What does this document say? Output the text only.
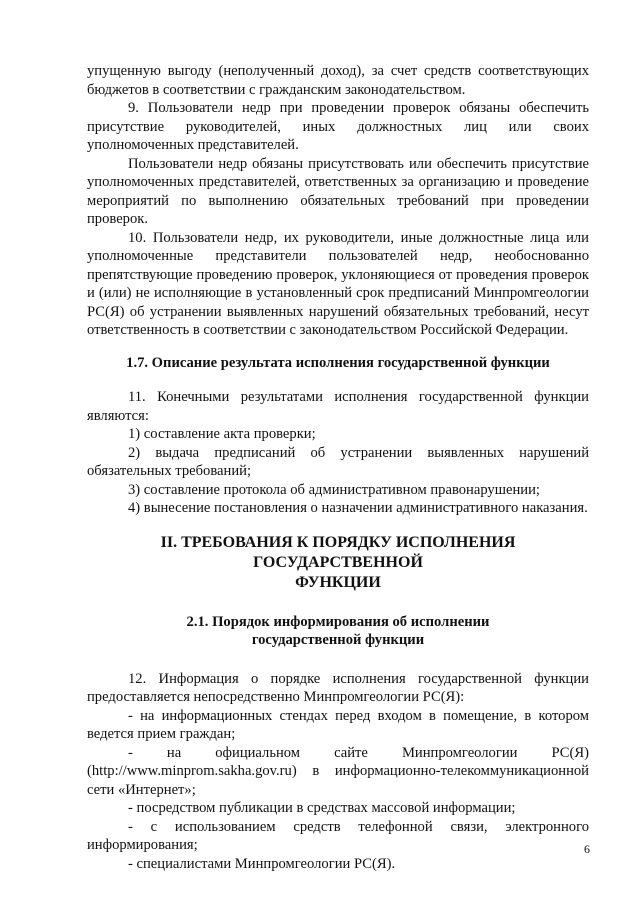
упущенную выгоду (неполученный доход), за счет средств соответствующих бюджетов в соответствии с гражданским законодательством.

9. Пользователи недр при проведении проверок обязаны обеспечить присутствие руководителей, иных должностных лиц или своих уполномоченных представителей.

Пользователи недр обязаны присутствовать или обеспечить присутствие уполномоченных представителей, ответственных за организацию и проведение мероприятий по выполнению обязательных требований при проведении проверок.

10. Пользователи недр, их руководители, иные должностные лица или уполномоченные представители пользователей недр, необоснованно препятствующие проведению проверок, уклоняющиеся от проведения проверок и (или) не исполняющие в установленный срок предписаний Минпромгеологии РС(Я) об устранении выявленных нарушений обязательных требований, несут ответственность в соответствии с законодательством Российской Федерации.

1.7. Описание результата исполнения государственной функции

11. Конечными результатами исполнения государственной функции являются:

1) составление акта проверки;

2) выдача предписаний об устранении выявленных нарушений обязательных требований;

3) составление протокола об административном правонарушении;

4) вынесение постановления о назначении административного наказания.

II. ТРЕБОВАНИЯ К ПОРЯДКУ ИСПОЛНЕНИЯ ГОСУДАРСТВЕННОЙ
ФУНКЦИИ
2.1. Порядок информирования об исполнении
государственной функции

12. Информация о порядке исполнения государственной функции предоставляется непосредственно Минпромгеологии РС(Я):

- на информационных стендах перед входом в помещение, в котором ведется прием граждан;

- на официальном сайте Минпромгеологии РС(Я) (http://www.minprom.sakha.gov.ru) в информационно-телекоммуникационной сети «Интернет»;

- посредством публикации в средствах массовой информации;

- с использованием средств телефонной связи, электронного информирования;

- специалистами Минпромгеологии РС(Я).

6
